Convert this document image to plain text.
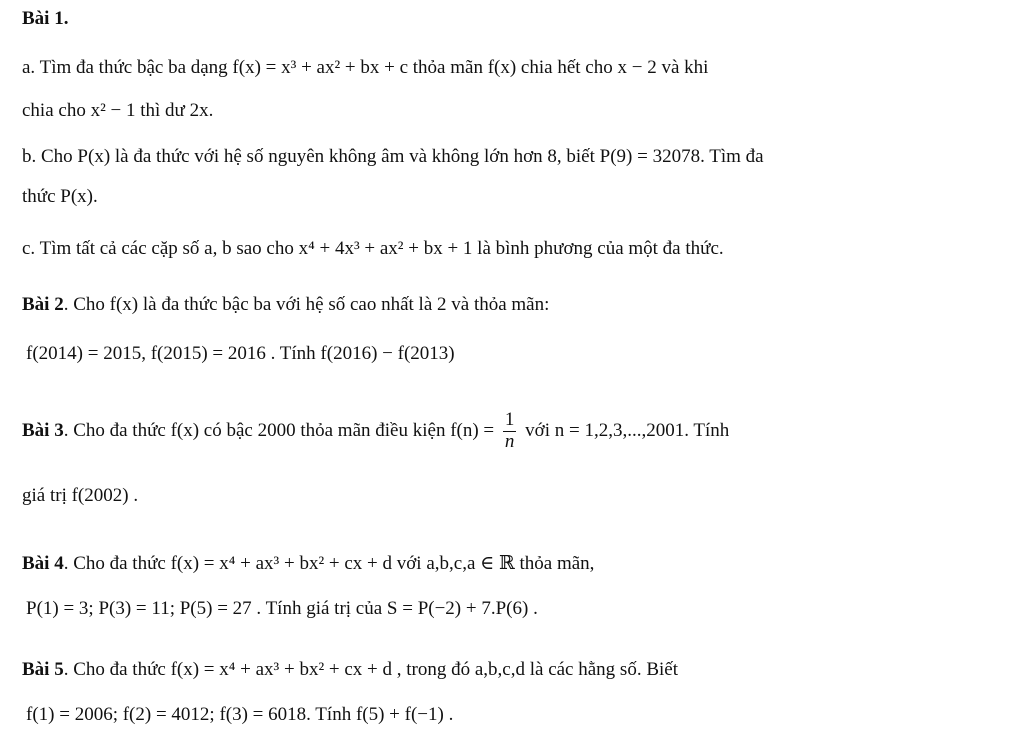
Bài 1.
a. Tìm đa thức bậc ba dạng f(x) = x³ + ax² + bx + c thỏa mãn f(x) chia hết cho x − 2 và khi
chia cho x² − 1 thì dư 2x.
b. Cho P(x) là đa thức với hệ số nguyên không âm và không lớn hơn 8, biết P(9) = 32078. Tìm đa
thức P(x).
c. Tìm tất cả các cặp số a, b sao cho x⁴ + 4x³ + ax² + bx + 1 là bình phương của một đa thức.
Bài 2. Cho f(x) là đa thức bậc ba với hệ số cao nhất là 2 và thỏa mãn:
f(2014) = 2015, f(2015) = 2016 . Tính f(2016) − f(2013)
Bài 3. Cho đa thức f(x) có bậc 2000 thỏa mãn điều kiện $f(n) = \frac{1}{n}$ với n = 1,2,3,...,2001. Tính
giá trị f(2002) .
Bài 4. Cho đa thức f(x) = x⁴ + ax³ + bx² + cx + d với a,b,c,a ∈ ℝ thỏa mãn,
P(1) = 3; P(3) = 11; P(5) = 27 . Tính giá trị của S = P(−2) + 7.P(6) .
Bài 5. Cho đa thức f(x) = x⁴ + ax³ + bx² + cx + d , trong đó a,b,c,d là các hằng số. Biết
f(1) = 2006; f(2) = 4012; f(3) = 6018. Tính f(5) + f(−1) .
